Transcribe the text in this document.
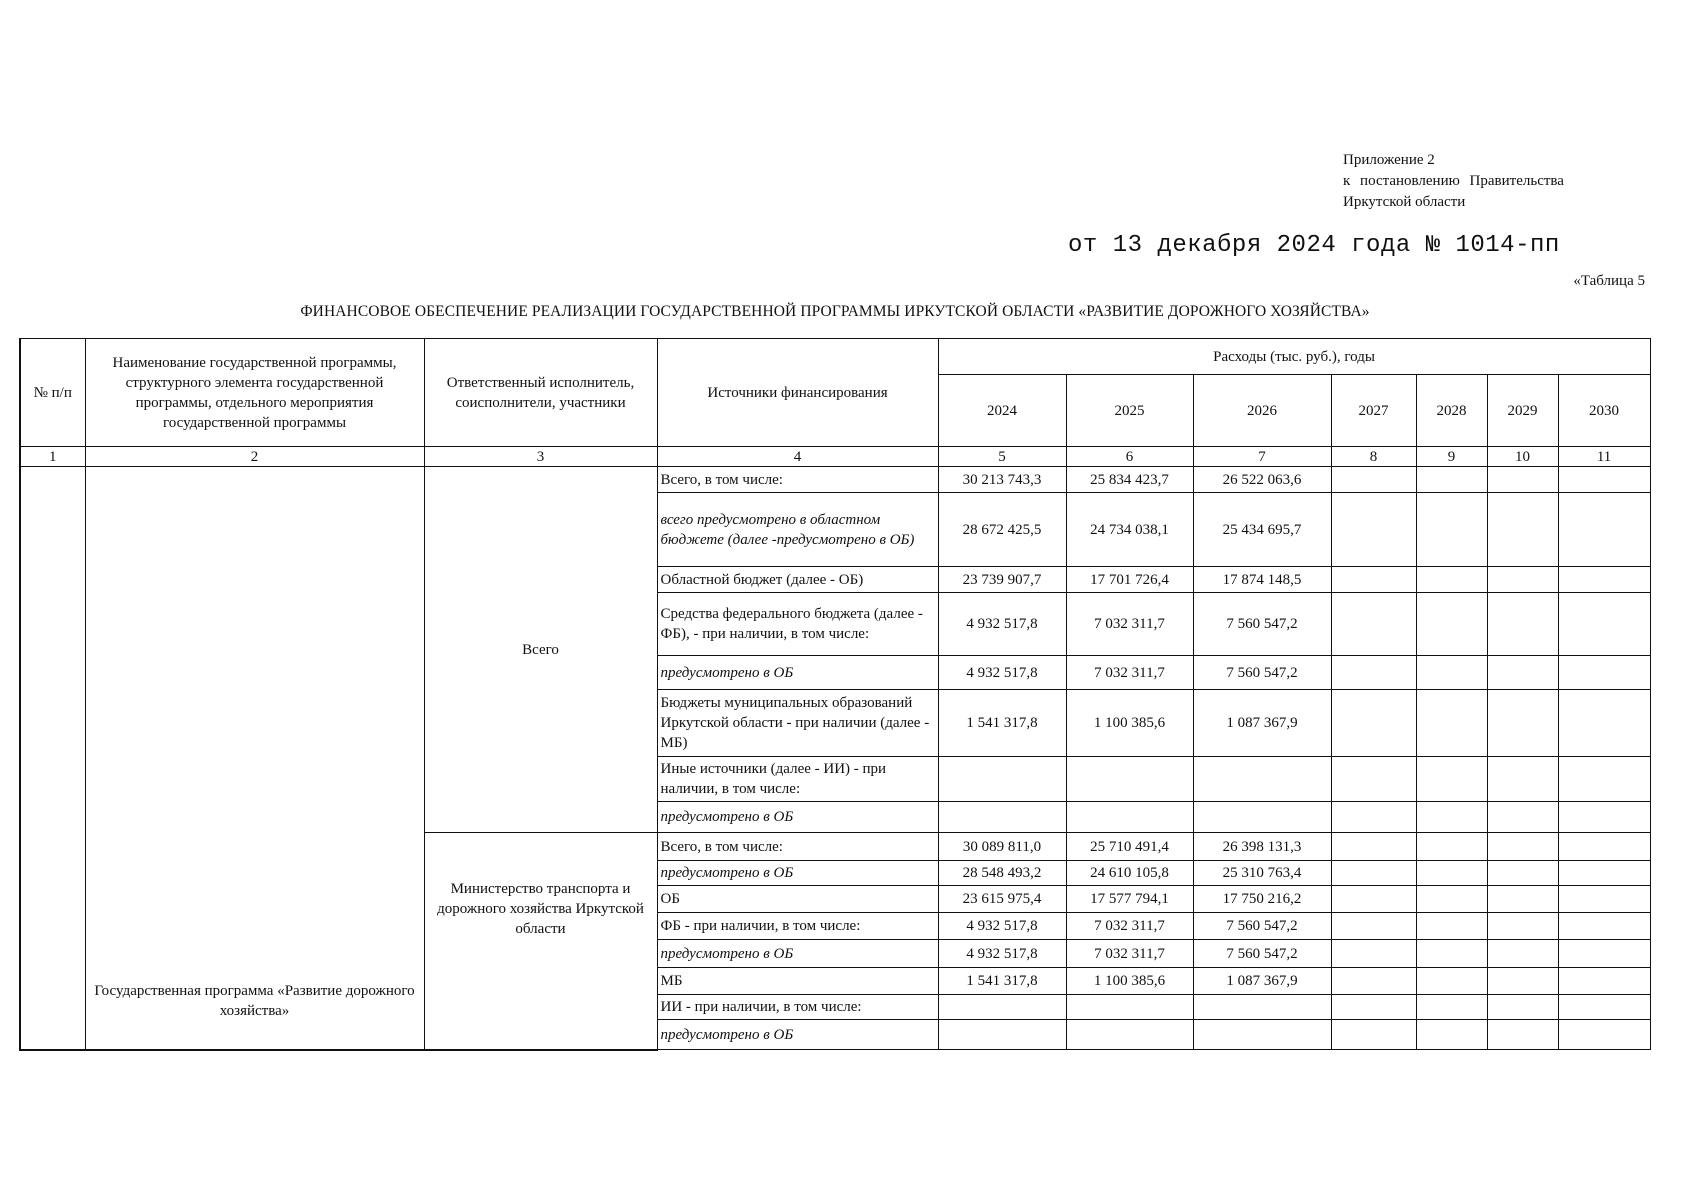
Приложение 2
к постановлению Правительства
Иркутской области
от 13 декабря 2024 года № 1014-пп
«Таблица 5
ФИНАНСОВОЕ ОБЕСПЕЧЕНИЕ РЕАЛИЗАЦИИ ГОСУДАРСТВЕННОЙ ПРОГРАММЫ ИРКУТСКОЙ ОБЛАСТИ «РАЗВИТИЕ ДОРОЖНОГО ХОЗЯЙСТВА»
№ п/п	Наименование государственной программы, структурного элемента государственной программы, отдельного мероприятия государственной программы	Ответственный исполнитель, соисполнители, участники	Источники финансирования	Расходы (тыс. руб.), годы						
				2024	2025	2026	2027	2028	2029	2030
1	2	3	4	5	6	7	8	9	10	11
	Государственная программа «Развитие дорожного хозяйства»	Всего	Всего, в том числе:	30 213 743,3	25 834 423,7	26 522 063,6				
			всего предусмотрено в областном бюджете (далее -предусмотрено в ОБ)	28 672 425,5	24 734 038,1	25 434 695,7				
			Областной бюджет (далее - ОБ)	23 739 907,7	17 701 726,4	17 874 148,5				
			Средства федерального бюджета (далее - ФБ), - при наличии, в том числе:	4 932 517,8	7 032 311,7	7 560 547,2				
			предусмотрено в ОБ	4 932 517,8	7 032 311,7	7 560 547,2				
			Бюджеты муниципальных образований Иркутской области - при наличии (далее - МБ)	1 541 317,8	1 100 385,6	1 087 367,9				
			Иные источники (далее - ИИ) - при наличии, в том числе:							
			предусмотрено в ОБ							
		Министерство транспорта и дорожного хозяйства Иркутской области	Всего, в том числе:	30 089 811,0	25 710 491,4	26 398 131,3				
			предусмотрено в ОБ	28 548 493,2	24 610 105,8	25 310 763,4				
			ОБ	23 615 975,4	17 577 794,1	17 750 216,2				
			ФБ - при наличии, в том числе:	4 932 517,8	7 032 311,7	7 560 547,2				
			предусмотрено в ОБ	4 932 517,8	7 032 311,7	7 560 547,2				
			МБ	1 541 317,8	1 100 385,6	1 087 367,9				
			ИИ - при наличии, в том числе:							
			предусмотрено в ОБ							
